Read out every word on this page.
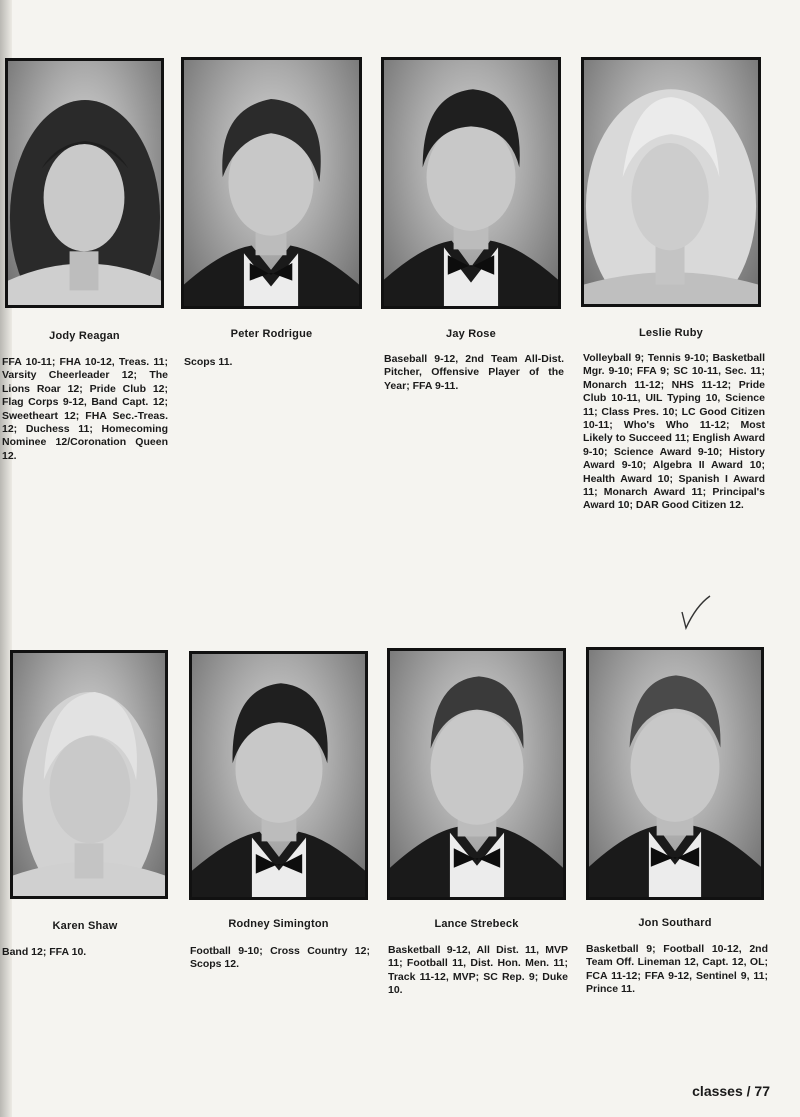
Jody Reagan	Peter Rodrigue	Jay Rose	Leslie Ruby
FFA 10-11; FHA 10-12, Treas. 11; Varsity Cheerleader 12; The Lions Roar 12; Pride Club 12; Flag Corps 9-12, Band Capt. 12; Sweetheart 12; FHA Sec.-Treas. 12; Duchess 11; Homecoming Nominee 12/Coronation Queen 12.
Scops 11.	Baseball 9-12, 2nd Team All-Dist. Pitcher, Offensive Player of the Year; FFA 9-11.
Volleyball 9; Tennis 9-10; Basketball Mgr. 9-10; FFA 9; SC 10-11, Sec. 11; Monarch 11-12; NHS 11-12; Pride Club 10-11, UIL Typing 10, Science 11; Class Pres. 10; LC Good Citizen 10-11; Who's Who 11-12; Most Likely to Succeed 11; English Award 9-10; Science Award 9-10; History Award 9-10; Algebra II Award 10; Health Award 10; Spanish I Award 11; Monarch Award 11; Principal's Award 10; DAR Good Citizen 12.
Karen Shaw	Rodney Simington	Lance Strebeck	Jon Southard
Band 12; FFA 10.	Football 9-10; Cross Country 12; Scops 12.
Basketball 9-12, All Dist. 11, MVP 11; Football 11, Dist. Hon. Men. 11; Track 11-12, MVP; SC Rep. 9; Duke 10.
Basketball 9; Football 10-12, 2nd Team Off. Lineman 12, Capt. 12, OL; FCA 11-12; FFA 9-12, Sentinel 9, 11; Prince 11.
classes / 77
